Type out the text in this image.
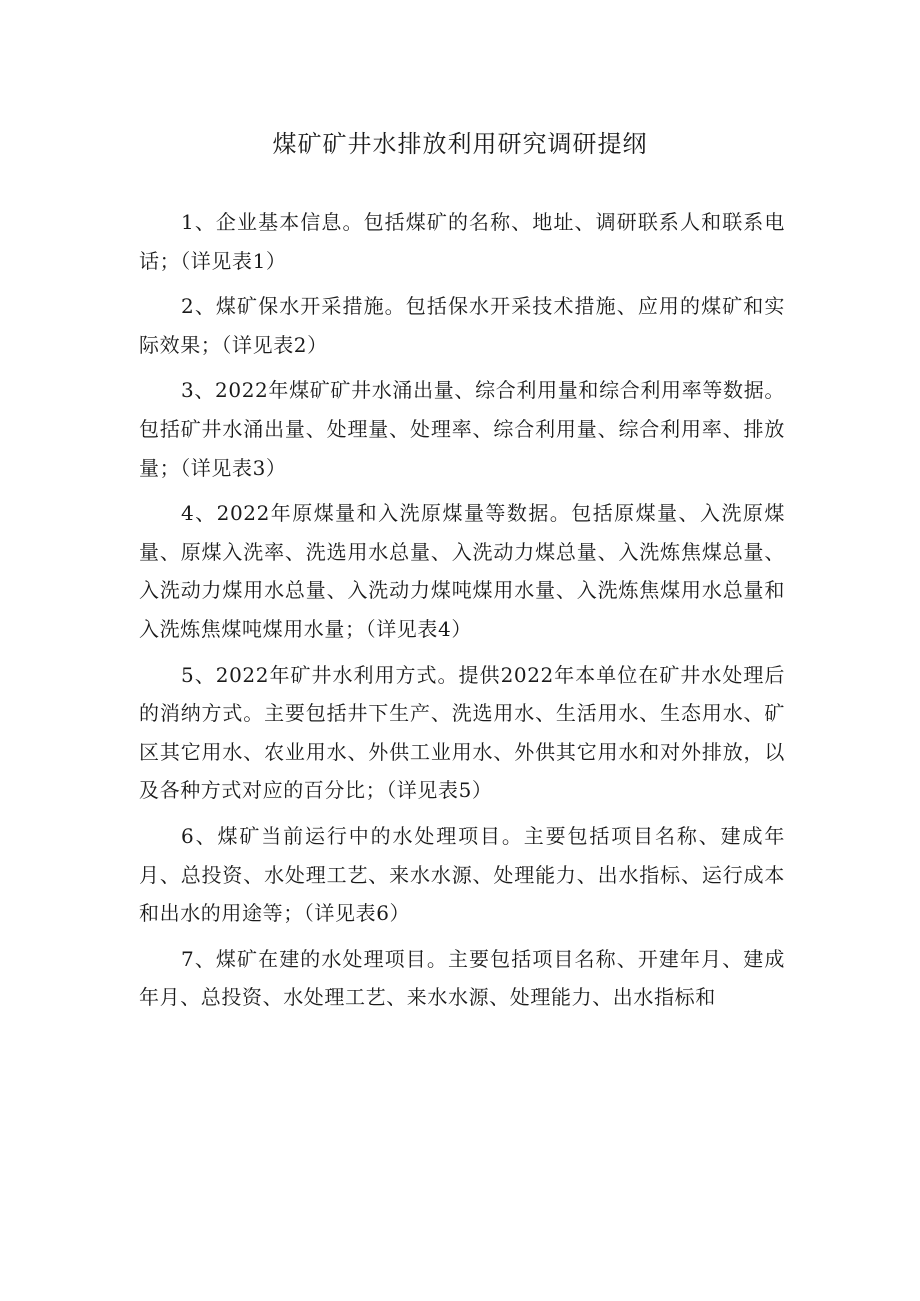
煤矿矿井水排放利用研究调研提纲

1、企业基本信息。包括煤矿的名称、地址、调研联系人和联系电话；（详见表1）

2、煤矿保水开采措施。包括保水开采技术措施、应用的煤矿和实际效果；（详见表2）

3、2022年煤矿矿井水涌出量、综合利用量和综合利用率等数据。包括矿井水涌出量、处理量、处理率、综合利用量、综合利用率、排放量；（详见表3）

4、2022年原煤量和入洗原煤量等数据。包括原煤量、入洗原煤量、原煤入洗率、洗选用水总量、入洗动力煤总量、入洗炼焦煤总量、入洗动力煤用水总量、入洗动力煤吨煤用水量、入洗炼焦煤用水总量和入洗炼焦煤吨煤用水量；（详见表4）

5、2022年矿井水利用方式。提供2022年本单位在矿井水处理后的消纳方式。主要包括井下生产、洗选用水、生活用水、生态用水、矿区其它用水、农业用水、外供工业用水、外供其它用水和对外排放，以及各种方式对应的百分比；（详见表5）

6、煤矿当前运行中的水处理项目。主要包括项目名称、建成年月、总投资、水处理工艺、来水水源、处理能力、出水指标、运行成本和出水的用途等；（详见表6）

7、煤矿在建的水处理项目。主要包括项目名称、开建年月、建成年月、总投资、水处理工艺、来水水源、处理能力、出水指标和
